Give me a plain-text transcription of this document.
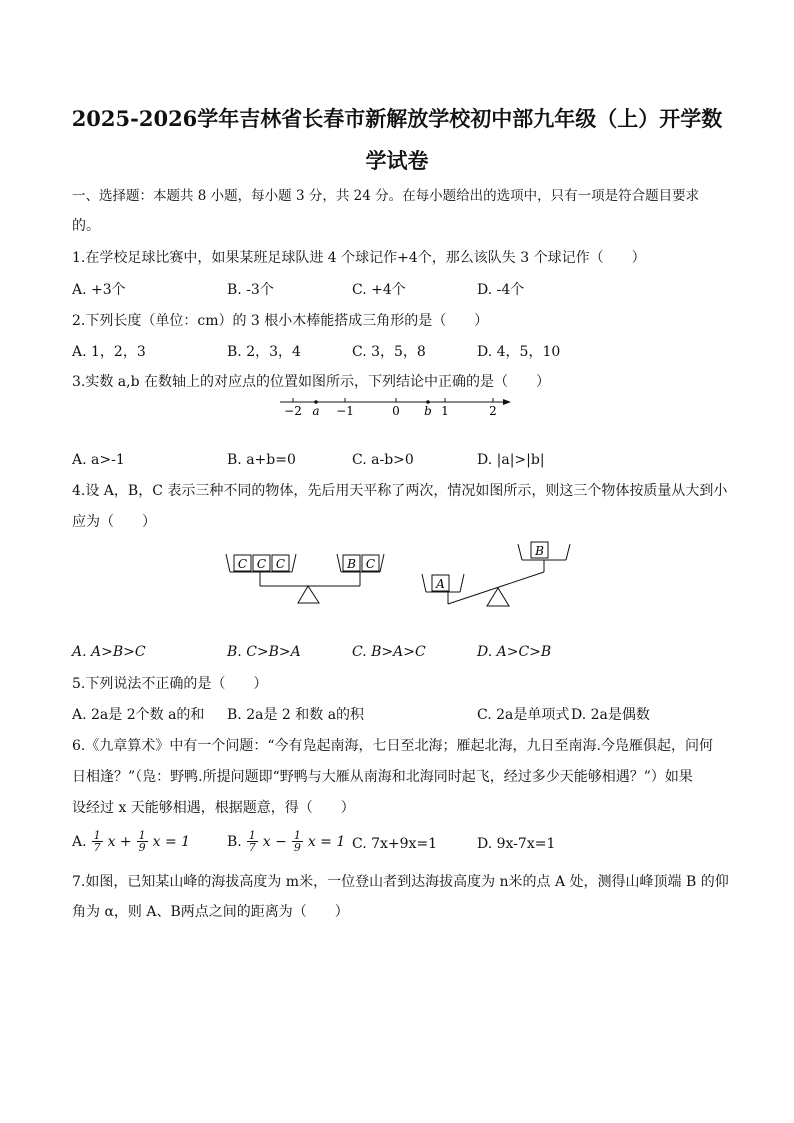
2025-2026学年吉林省长春市新解放学校初中部九年级（上）开学数
学试卷
一、选择题：本题共 8 小题，每小题 3 分，共 24 分。在每小题给出的选项中，只有一项是符合题目要求
的。
1.在学校足球比赛中，如果某班足球队进 4 个球记作+4个，那么该队失 3 个球记作（　　）
A. +3个	B. -3个	C. +4个	D. -4个
2.下列长度（单位：cm）的 3 根小木棒能搭成三角形的是（　　）
A. 1，2，3	B. 2，3，4	C. 3，5，8	D. 4，5，10
3.实数 a,b 在数轴上的对应点的位置如图所示，下列结论中正确的是（　　）
−2 a −1	0 b 1	2
A. a>-1	B. a+b=0	C. a-b>0	D. |a|>|b|
4.设 A，B，C 表示三种不同的物体，先后用天平称了两次，情况如图所示，则这三个物体按质量从大到小
应为（　　）
C C C	B C
B
A
A. A>B>C	B. C>B>A	C. B>A>C	D. A>C>B
5.下列说法不正确的是（　　）
A. 2a是 2个数 a的和 B. 2a是 2 和数 a的积	C. 2a是单项式 D. 2a是偶数
6.《九章算术》中有一个问题：“今有凫起南海，七日至北海；雁起北海，九日至南海.今凫雁俱起，问何
日相逢？”（凫：野鸭.所提问题即“野鸭与大雁从南海和北海同时起飞，经过多少天能够相遇？”）如果
设经过 x 天能够相遇，根据题意，得（　　）
A. $\frac{1}{7}$ $x + \frac{1}{9}$ x = 1	B. $\frac{1}{7}$ $x - \frac{1}{9}$ x = 1 C. 7x+9x=1	D. 9x-7x=1
7.如图，已知某山峰的海拔高度为 m米，一位登山者到达海拔高度为 n米的点 A 处，测得山峰顶端 B 的仰
角为 α，则 A、B两点之间的距离为（　　）
